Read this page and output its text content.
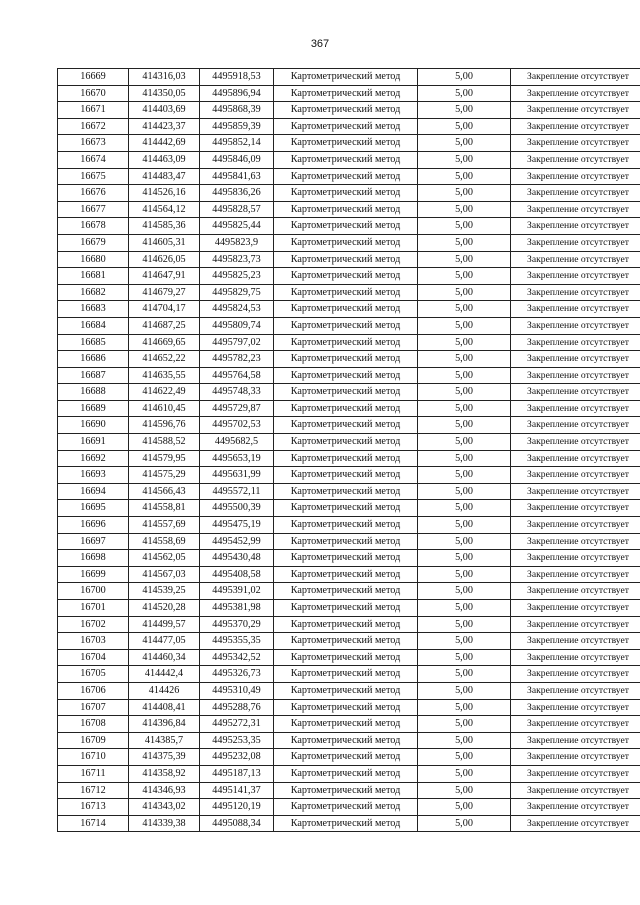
367
16669	414316,03	4495918,53	Картометрический метод	5,00	Закрепление отсутствует
16670	414350,05	4495896,94	Картометрический метод	5,00	Закрепление отсутствует
16671	414403,69	4495868,39	Картометрический метод	5,00	Закрепление отсутствует
16672	414423,37	4495859,39	Картометрический метод	5,00	Закрепление отсутствует
16673	414442,69	4495852,14	Картометрический метод	5,00	Закрепление отсутствует
16674	414463,09	4495846,09	Картометрический метод	5,00	Закрепление отсутствует
16675	414483,47	4495841,63	Картометрический метод	5,00	Закрепление отсутствует
16676	414526,16	4495836,26	Картометрический метод	5,00	Закрепление отсутствует
16677	414564,12	4495828,57	Картометрический метод	5,00	Закрепление отсутствует
16678	414585,36	4495825,44	Картометрический метод	5,00	Закрепление отсутствует
16679	414605,31	4495823,9	Картометрический метод	5,00	Закрепление отсутствует
16680	414626,05	4495823,73	Картометрический метод	5,00	Закрепление отсутствует
16681	414647,91	4495825,23	Картометрический метод	5,00	Закрепление отсутствует
16682	414679,27	4495829,75	Картометрический метод	5,00	Закрепление отсутствует
16683	414704,17	4495824,53	Картометрический метод	5,00	Закрепление отсутствует
16684	414687,25	4495809,74	Картометрический метод	5,00	Закрепление отсутствует
16685	414669,65	4495797,02	Картометрический метод	5,00	Закрепление отсутствует
16686	414652,22	4495782,23	Картометрический метод	5,00	Закрепление отсутствует
16687	414635,55	4495764,58	Картометрический метод	5,00	Закрепление отсутствует
16688	414622,49	4495748,33	Картометрический метод	5,00	Закрепление отсутствует
16689	414610,45	4495729,87	Картометрический метод	5,00	Закрепление отсутствует
16690	414596,76	4495702,53	Картометрический метод	5,00	Закрепление отсутствует
16691	414588,52	4495682,5	Картометрический метод	5,00	Закрепление отсутствует
16692	414579,95	4495653,19	Картометрический метод	5,00	Закрепление отсутствует
16693	414575,29	4495631,99	Картометрический метод	5,00	Закрепление отсутствует
16694	414566,43	4495572,11	Картометрический метод	5,00	Закрепление отсутствует
16695	414558,81	4495500,39	Картометрический метод	5,00	Закрепление отсутствует
16696	414557,69	4495475,19	Картометрический метод	5,00	Закрепление отсутствует
16697	414558,69	4495452,99	Картометрический метод	5,00	Закрепление отсутствует
16698	414562,05	4495430,48	Картометрический метод	5,00	Закрепление отсутствует
16699	414567,03	4495408,58	Картометрический метод	5,00	Закрепление отсутствует
16700	414539,25	4495391,02	Картометрический метод	5,00	Закрепление отсутствует
16701	414520,28	4495381,98	Картометрический метод	5,00	Закрепление отсутствует
16702	414499,57	4495370,29	Картометрический метод	5,00	Закрепление отсутствует
16703	414477,05	4495355,35	Картометрический метод	5,00	Закрепление отсутствует
16704	414460,34	4495342,52	Картометрический метод	5,00	Закрепление отсутствует
16705	414442,4	4495326,73	Картометрический метод	5,00	Закрепление отсутствует
16706	414426	4495310,49	Картометрический метод	5,00	Закрепление отсутствует
16707	414408,41	4495288,76	Картометрический метод	5,00	Закрепление отсутствует
16708	414396,84	4495272,31	Картометрический метод	5,00	Закрепление отсутствует
16709	414385,7	4495253,35	Картометрический метод	5,00	Закрепление отсутствует
16710	414375,39	4495232,08	Картометрический метод	5,00	Закрепление отсутствует
16711	414358,92	4495187,13	Картометрический метод	5,00	Закрепление отсутствует
16712	414346,93	4495141,37	Картометрический метод	5,00	Закрепление отсутствует
16713	414343,02	4495120,19	Картометрический метод	5,00	Закрепление отсутствует
16714	414339,38	4495088,34	Картометрический метод	5,00	Закрепление отсутствует
